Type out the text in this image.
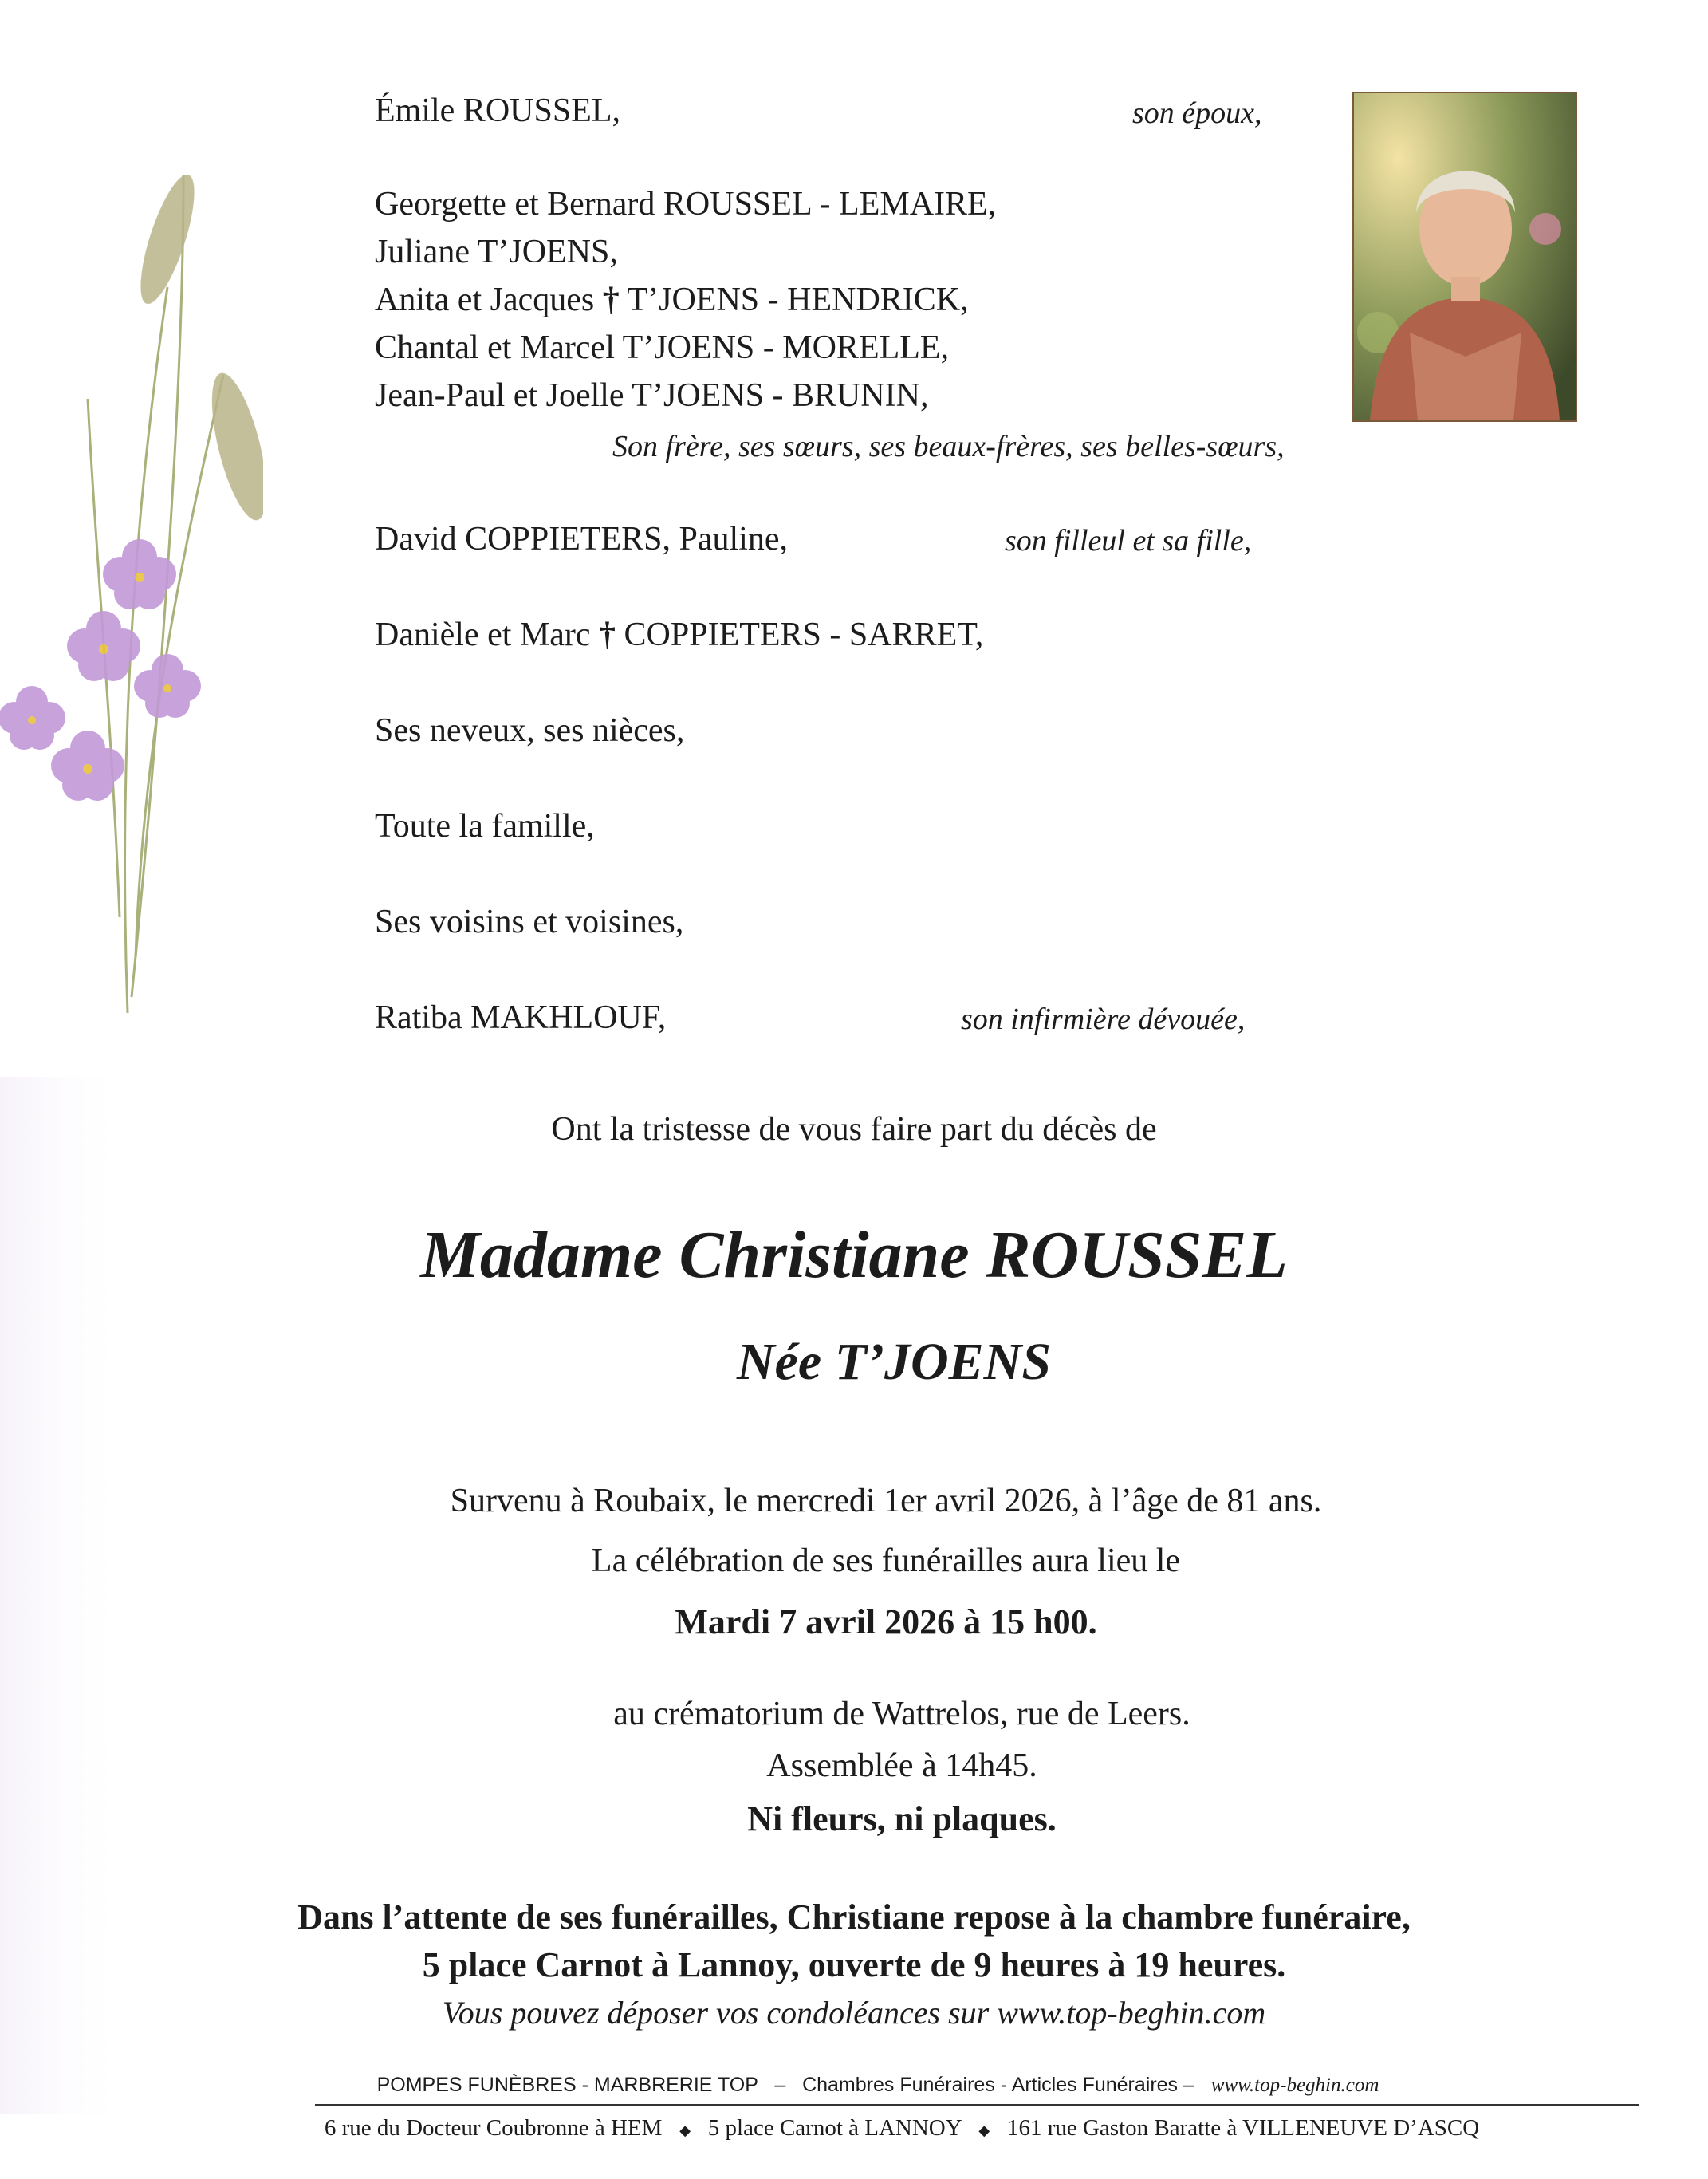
Émile ROUSSEL,	son époux,
Georgette et Bernard ROUSSEL - LEMAIRE,
Juliane T’JOENS,
Anita et Jacques † T’JOENS - HENDRICK,
Chantal et Marcel T’JOENS - MORELLE,
Jean-Paul et Joelle T’JOENS - BRUNIN,
Son frère, ses sœurs, ses beaux-frères, ses belles-sœurs,
David COPPIETERS, Pauline,	son filleul et sa fille,
Danièle et Marc † COPPIETERS - SARRET,
Ses neveux, ses nièces,
Toute la famille,
Ses voisins et voisines,
Ratiba MAKHLOUF,	son infirmière dévouée,
Ont la tristesse de vous faire part du décès de
Madame Christiane ROUSSEL
Née T’JOENS
Survenu à Roubaix, le mercredi 1er avril 2026, à l’âge de 81 ans.
La célébration de ses funérailles aura lieu le
Mardi 7 avril 2026 à 15 h00.
au crématorium de Wattrelos, rue de Leers.
Assemblée à 14h45.
Ni fleurs, ni plaques.
Dans l’attente de ses funérailles, Christiane repose à la chambre funéraire,
5 place Carnot à Lannoy, ouverte de 9 heures à 19 heures.
Vous pouvez déposer vos condoléances sur www.top-beghin.com
POMPES FUNÈBRES - MARBRERIE TOP – Chambres Funéraires - Articles Funéraires – www.top-beghin.com
6 rue du Docteur Coubronne à HEM ◆ 5 place Carnot à LANNOY ◆ 161 rue Gaston Baratte à VILLENEUVE D’ASCQ
